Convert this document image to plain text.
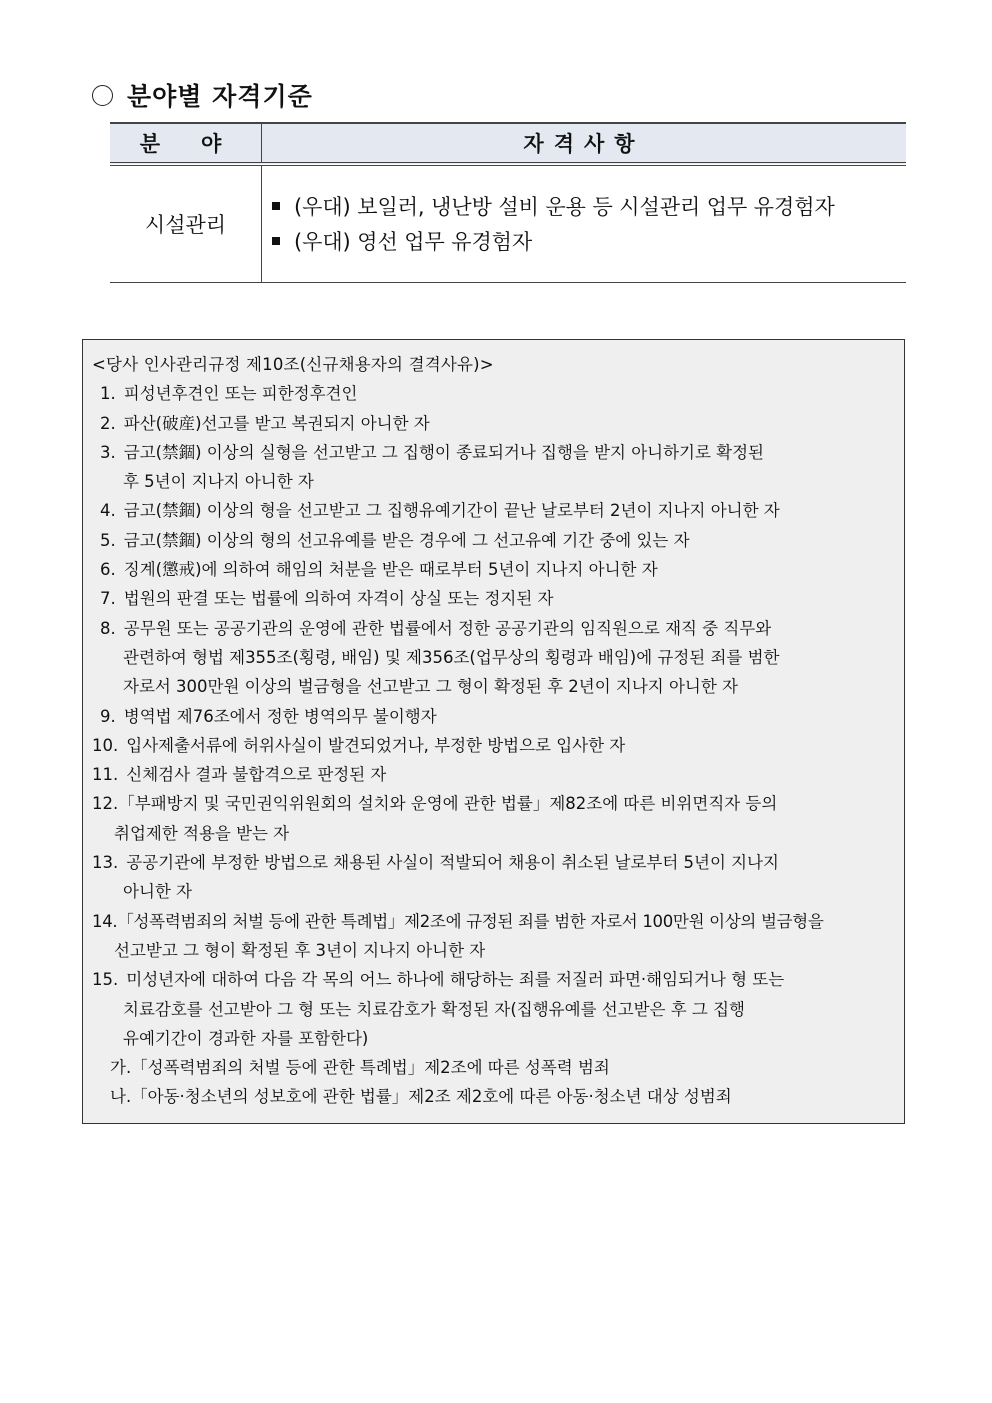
분야별 자격기준
분　야	자격사항
시설관리	(우대) 보일러, 냉난방 설비 운용 등 시설관리 업무 유경험자
(우대) 영선 업무 유경험자
<당사 인사관리규정 제10조(신규채용자의 결격사유)>
1. 피성년후견인 또는 피한정후견인
2. 파산(破産)선고를 받고 복권되지 아니한 자
3. 금고(禁錮) 이상의 실형을 선고받고 그 집행이 종료되거나 집행을 받지 아니하기로 확정된
후 5년이 지나지 아니한 자
4. 금고(禁錮) 이상의 형을 선고받고 그 집행유예기간이 끝난 날로부터 2년이 지나지 아니한 자
5. 금고(禁錮) 이상의 형의 선고유예를 받은 경우에 그 선고유예 기간 중에 있는 자
6. 징계(懲戒)에 의하여 해임의 처분을 받은 때로부터 5년이 지나지 아니한 자
7. 법원의 판결 또는 법률에 의하여 자격이 상실 또는 정지된 자
8. 공무원 또는 공공기관의 운영에 관한 법률에서 정한 공공기관의 임직원으로 재직 중 직무와
관련하여 형법 제355조(횡령, 배임) 및 제356조(업무상의 횡령과 배임)에 규정된 죄를 범한
자로서 300만원 이상의 벌금형을 선고받고 그 형이 확정된 후 2년이 지나지 아니한 자
9. 병역법 제76조에서 정한 병역의무 불이행자
10. 입사제출서류에 허위사실이 발견되었거나, 부정한 방법으로 입사한 자
11. 신체검사 결과 불합격으로 판정된 자
12.「부패방지 및 국민권익위원회의 설치와 운영에 관한 법률」제82조에 따른 비위면직자 등의
취업제한 적용을 받는 자
13. 공공기관에 부정한 방법으로 채용된 사실이 적발되어 채용이 취소된 날로부터 5년이 지나지
아니한 자
14.「성폭력범죄의 처벌 등에 관한 특례법」제2조에 규정된 죄를 범한 자로서 100만원 이상의 벌금형을
선고받고 그 형이 확정된 후 3년이 지나지 아니한 자
15. 미성년자에 대하여 다음 각 목의 어느 하나에 해당하는 죄를 저질러 파면·해임되거나 형 또는
치료감호를 선고받아 그 형 또는 치료감호가 확정된 자(집행유예를 선고받은 후 그 집행
유예기간이 경과한 자를 포함한다)
가.「성폭력범죄의 처벌 등에 관한 특례법」제2조에 따른 성폭력 범죄
나.「아동·청소년의 성보호에 관한 법률」제2조 제2호에 따른 아동·청소년 대상 성범죄
